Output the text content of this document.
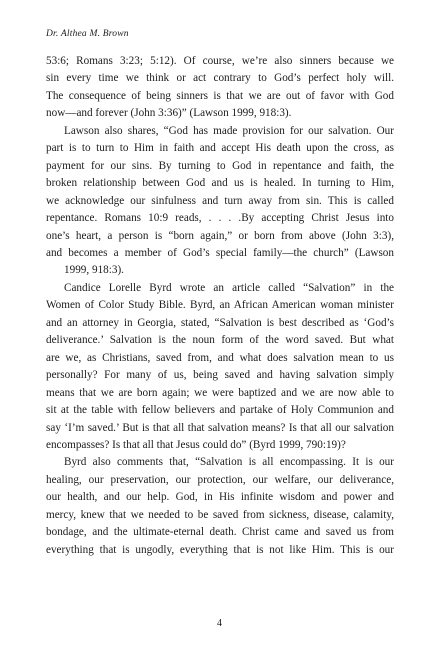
Dr. Althea M. Brown
53:6; Romans 3:23; 5:12). Of course, we’re also sinners because we
sin every time we think or act contrary to God’s perfect holy will.
The consequence of being sinners is that we are out of favor with God
now—and forever (John 3:36)” (Lawson 1999, 918:3).
Lawson also shares, “God has made provision for our salvation. Our
part is to turn to Him in faith and accept His death upon the cross, as
payment for our sins. By turning to God in repentance and faith, the
broken relationship between God and us is healed. In turning to Him,
we acknowledge our sinfulness and turn away from sin. This is called
repentance. Romans 10:9 reads, . . . .By accepting Christ Jesus into
one’s heart, a person is “born again,” or born from above (John 3:3),
and becomes a member of God’s special family—the church” (Lawson
1999, 918:3).
Candice Lorelle Byrd wrote an article called “Salvation” in the
Women of Color Study Bible. Byrd, an African American woman minister
and an attorney in Georgia, stated, “Salvation is best described as ‘God’s
deliverance.’ Salvation is the noun form of the word saved. But what
are we, as Christians, saved from, and what does salvation mean to us
personally? For many of us, being saved and having salvation simply
means that we are born again; we were baptized and we are now able to
sit at the table with fellow believers and partake of Holy Communion and
say ‘I’m saved.’ But is that all that salvation means? Is that all our salvation
encompasses? Is that all that Jesus could do” (Byrd 1999, 790:19)?
Byrd also comments that, “Salvation is all encompassing. It is our
healing, our preservation, our protection, our welfare, our deliverance,
our health, and our help. God, in His infinite wisdom and power and
mercy, knew that we needed to be saved from sickness, disease, calamity,
bondage, and the ultimate-eternal death. Christ came and saved us from
everything that is ungodly, everything that is not like Him. This is our
4
